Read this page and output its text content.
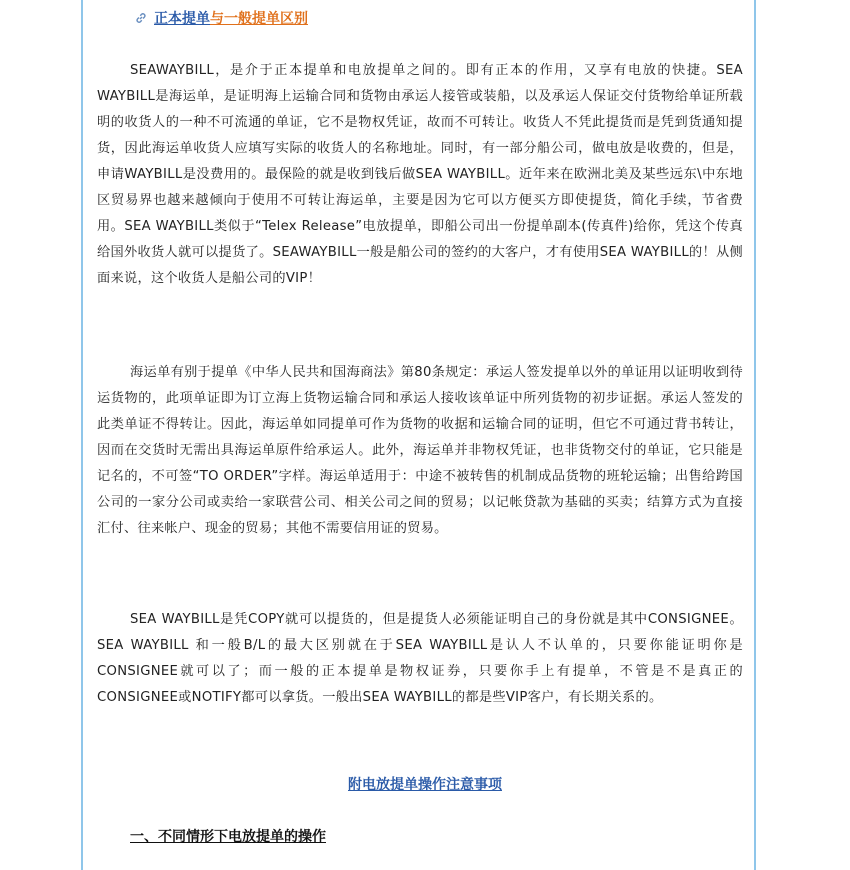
正本提单 与一般提单区别

SEAWAYBILL，是介于正本提单和电放提单之间的。即有正本的作用，又享有电放的快捷。SEA WAYBILL是海运单，是证明海上运输合同和货物由承运人接管或装船，以及承运人保证交付货物给单证所载明的收货人的一种不可流通的单证，它不是物权凭证，故而不可转让。收货人不凭此提货而是凭到货通知提货，因此海运单收货人应填写实际的收货人的名称地址。同时，有一部分船公司，做电放是收费的，但是，申请WAYBILL是没费用的。最保险的就是收到钱后做SEA WAYBILL。近年来在欧洲北美及某些远东\中东地区贸易界也越来越倾向于使用不可转让海运单，主要是因为它可以方便买方即使提货，简化手续，节省费用。SEA WAYBILL类似于“Telex Release”电放提单，即船公司出一份提单副本(传真件)给你，凭这个传真给国外收货人就可以提货了。SEAWAYBILL一般是船公司的签约的大客户，才有使用SEA WAYBILL的！从侧面来说，这个收货人是船公司的VIP！

海运单有别于提单《中华人民共和国海商法》第80条规定：承运人签发提单以外的单证用以证明收到待运货物的，此项单证即为订立海上货物运输合同和承运人接收该单证中所列货物的初步证据。承运人签发的此类单证不得转让。因此，海运单如同提单可作为货物的收据和运输合同的证明，但它不可通过背书转让，因而在交货时无需出具海运单原件给承运人。此外，海运单并非物权凭证，也非货物交付的单证，它只能是记名的，不可签“TO ORDER”字样。海运单适用于：中途不被转售的机制成品货物的班轮运输；出售给跨国公司的一家分公司或卖给一家联营公司、相关公司之间的贸易；以记帐贷款为基础的买卖；结算方式为直接汇付、往来帐户、现金的贸易；其他不需要信用证的贸易。

SEA WAYBILL是凭COPY就可以提货的，但是提货人必须能证明自己的身份就是其中CONSIGNEE。SEA WAYBILL 和一般B/L的最大区别就在于SEA WAYBILL是认人不认单的，只要你能证明你是CONSIGNEE就可以了；而一般的正本提单是物权证券，只要你手上有提单，不管是不是真正的CONSIGNEE或NOTIFY都可以拿货。一般出SEA WAYBILL的都是些VIP客户，有长期关系的。

附电放提单操作注意事项
一、不同情形下电放提单的操作
